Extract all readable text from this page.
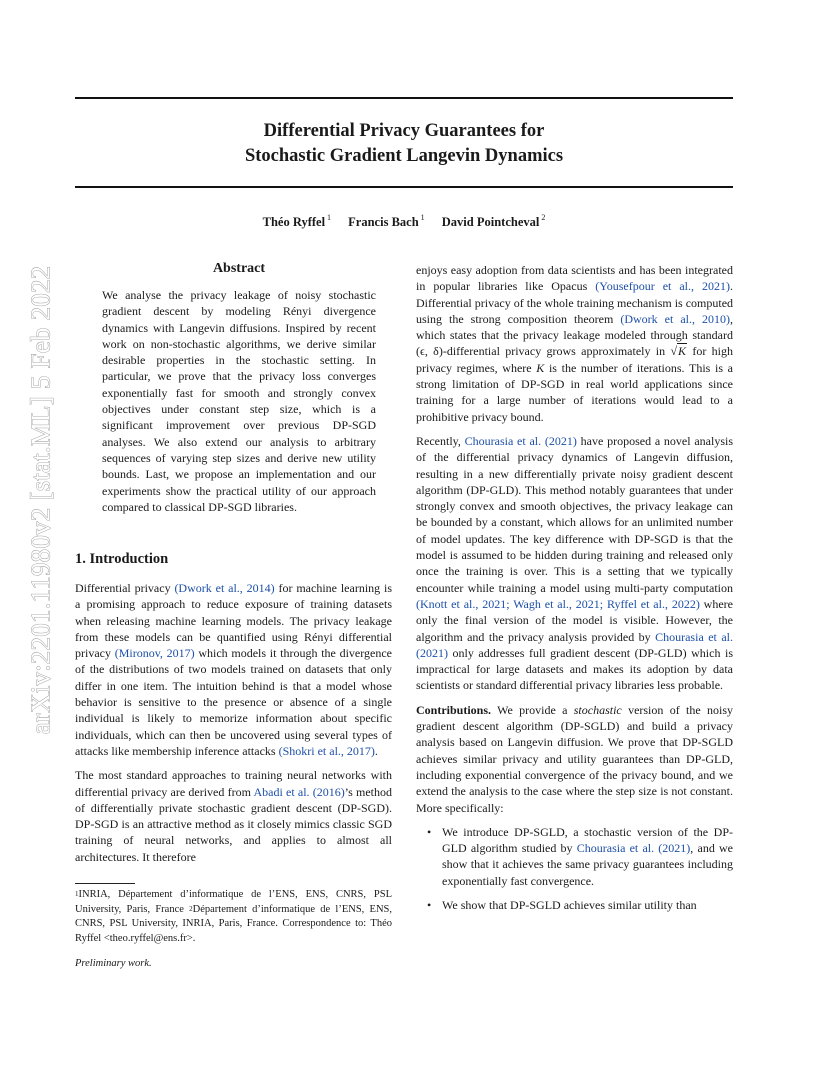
Differential Privacy Guarantees for
Stochastic Gradient Langevin Dynamics
Théo Ryffel $^1$ Francis Bach $^1$ David Pointcheval $^2$
arXiv:2201.11980v2 [stat.ML] 5 Feb 2022	Abstract
We analyse the privacy leakage of noisy stochastic gradient descent by modeling Rényi divergence dynamics with Langevin diffusions. Inspired by recent work on non-stochastic algorithms, we derive similar desirable properties in the stochastic setting. In particular, we prove that the privacy loss converges exponentially fast for smooth and strongly convex objectives under constant step size, which is a significant improvement over previous DP-SGD analyses. We also extend our analysis to arbitrary sequences of varying step sizes and derive new utility bounds. Last, we propose an implementation and our experiments show the practical utility of our approach compared to classical DP-SGD libraries.
1. Introduction

Differential privacy (Dwork et al., 2014) for machine learning is a promising approach to reduce exposure of training datasets when releasing machine learning models. The privacy leakage from these models can be quantified using Rényi differential privacy (Mironov, 2017) which models it through the divergence of the distributions of two models trained on datasets that only differ in one item. The intuition behind is that a model whose behavior is sensitive to the presence or absence of a single individual is likely to memorize information about specific individuals, which can then be uncovered using several types of attacks like membership inference attacks (Shokri et al., 2017).

The most standard approaches to training neural networks with differential privacy are derived from Abadi et al. (2016)’s method of differentially private stochastic gradient descent (DP-SGD). DP-SGD is an attractive method as it closely mimics classic SGD training of neural networks, and applies to almost all architectures. It therefore

$^1$INRIA, Département d’informatique de l’ENS, ENS, CNRS, PSL University, Paris, France $^2$Département d’informatique de l’ENS, ENS, CNRS, PSL University, INRIA, Paris, France. Correspondence to: Théo Ryffel <theo.ryffel@ens.fr>.
Preliminary work.

enjoys easy adoption from data scientists and has been integrated in popular libraries like Opacus (Yousefpour et al., 2021). Differential privacy of the whole training mechanism is computed using the strong composition theorem (Dwork et al., 2010), which states that the privacy leakage modeled through standard (ϵ, δ)-differential privacy grows approximately in √K for high privacy regimes, where K is the number of iterations. This is a strong limitation of DP-SGD in real world applications since training for a large number of iterations would lead to a prohibitive privacy bound.

Recently, Chourasia et al. (2021) have proposed a novel analysis of the differential privacy dynamics of Langevin diffusion, resulting in a new differentially private noisy gradient descent algorithm (DP-GLD). This method notably guarantees that under strongly convex and smooth objectives, the privacy leakage can be bounded by a constant, which allows for an unlimited number of model updates. The key difference with DP-SGD is that the model is assumed to be hidden during training and released only once the training is over. This is a setting that we typically encounter while training a model using multi-party computation (Knott et al., 2021; Wagh et al., 2021; Ryffel et al., 2022) where only the final version of the model is visible. However, the algorithm and the privacy analysis provided by Chourasia et al. (2021) only addresses full gradient descent (DP-GLD) which is impractical for large datasets and makes its adoption by data scientists or standard differential privacy libraries less probable.

Contributions. We provide a stochastic version of the noisy gradient descent algorithm (DP-SGLD) and build a privacy analysis based on Langevin diffusion. We prove that DP-SGLD achieves similar privacy and utility guarantees than DP-GLD, including exponential convergence of the privacy bound, and we extend the analysis to the case where the step size is not constant. More specifically:

• We introduce DP-SGLD, a stochastic version of the DP-GLD algorithm studied by Chourasia et al. (2021), and we show that it achieves the same privacy guarantees including exponentially fast convergence.
• We show that DP-SGLD achieves similar utility than
